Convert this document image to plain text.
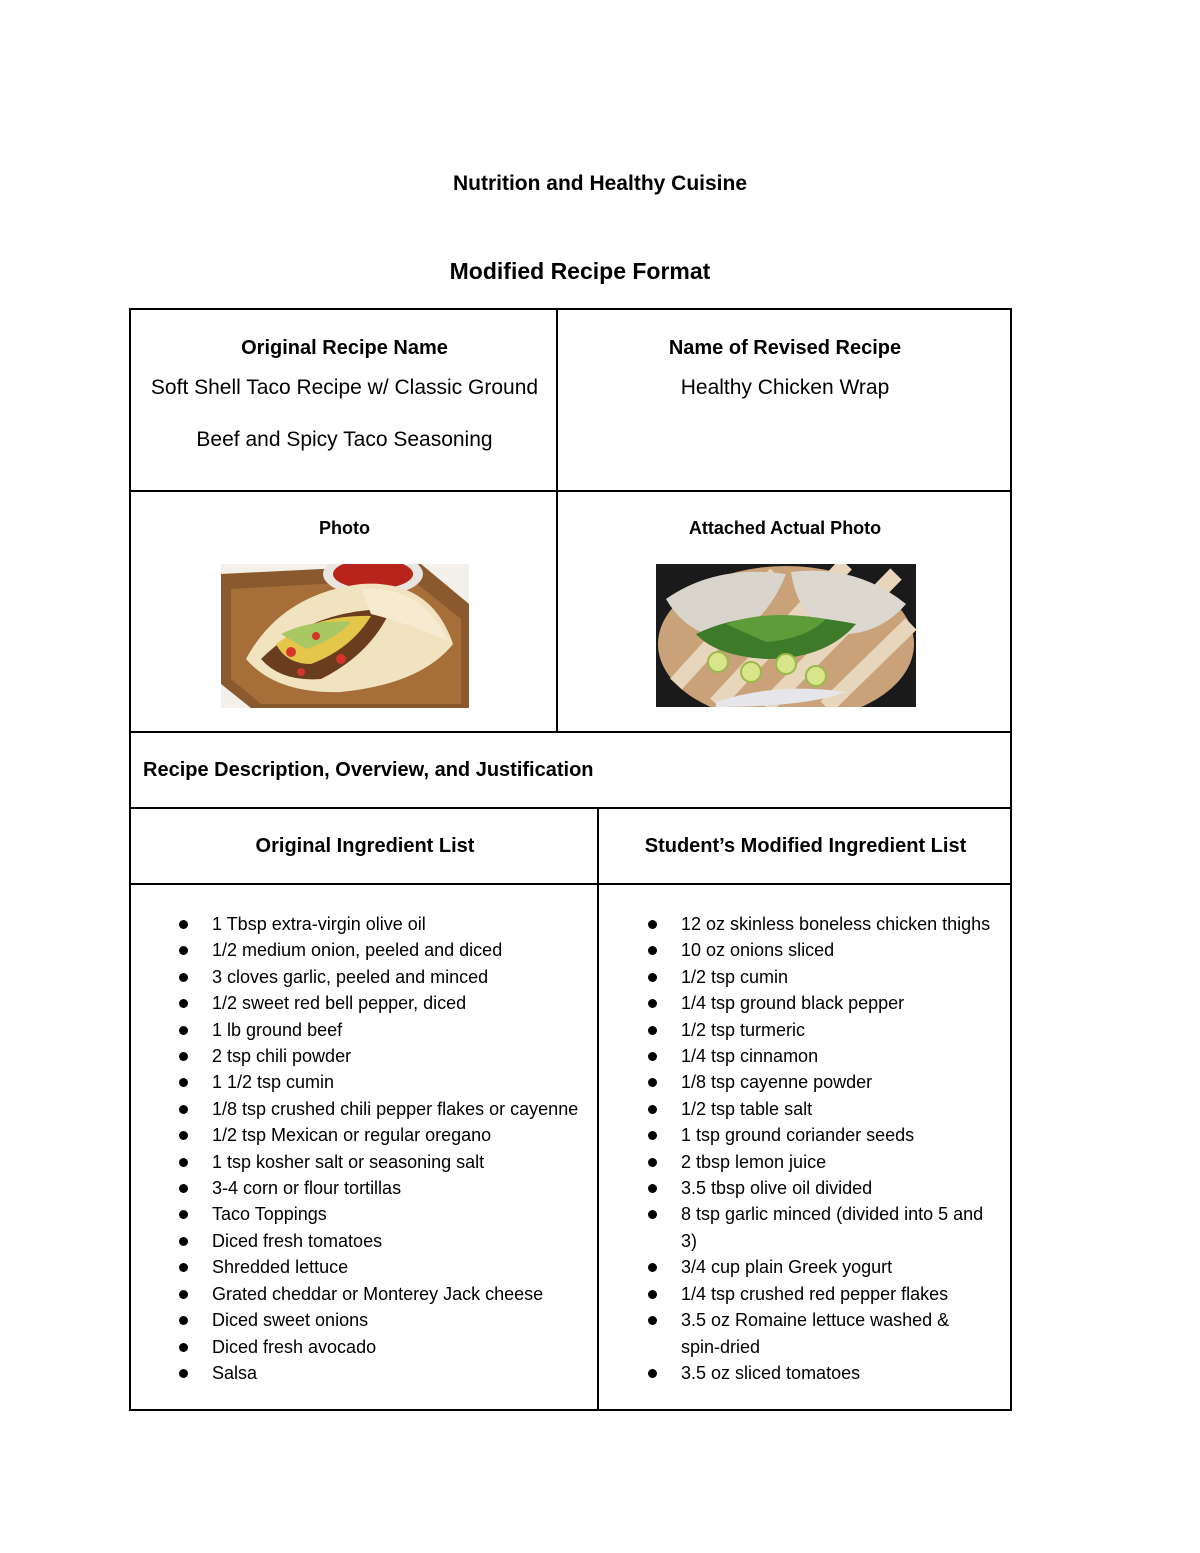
Nutrition and Healthy Cuisine
Modified Recipe Format
Original Recipe Name
Soft Shell Taco Recipe w/ Classic Ground
Beef and Spicy Taco Seasoning
Name of Revised Recipe
Healthy Chicken Wrap
Photo	Attached Actual Photo
Recipe Description, Overview, and Justification
Original Ingredient List	Student’s Modified Ingredient List
1 Tbsp extra-virgin olive oil
1/2 medium onion, peeled and diced
3 cloves garlic, peeled and minced
1/2 sweet red bell pepper, diced
1 lb ground beef
2 tsp chili powder
1 1/2 tsp cumin
1/8 tsp crushed chili pepper flakes or cayenne
1/2 tsp Mexican or regular oregano
1 tsp kosher salt or seasoning salt
3-4 corn or flour tortillas
Taco Toppings
Diced fresh tomatoes
Shredded lettuce
Grated cheddar or Monterey Jack cheese
Diced sweet onions
Diced fresh avocado
Salsa
12 oz skinless boneless chicken thighs
10 oz onions sliced
1/2 tsp cumin
1/4 tsp ground black pepper
1/2 tsp turmeric
1/4 tsp cinnamon
1/8 tsp cayenne powder
1/2 tsp table salt
1 tsp ground coriander seeds
2 tbsp lemon juice
3.5 tbsp olive oil divided
8 tsp garlic minced (divided into 5 and 3)
3/4 cup plain Greek yogurt
1/4 tsp crushed red pepper flakes
3.5 oz Romaine lettuce washed & spin-dried
3.5 oz sliced tomatoes
